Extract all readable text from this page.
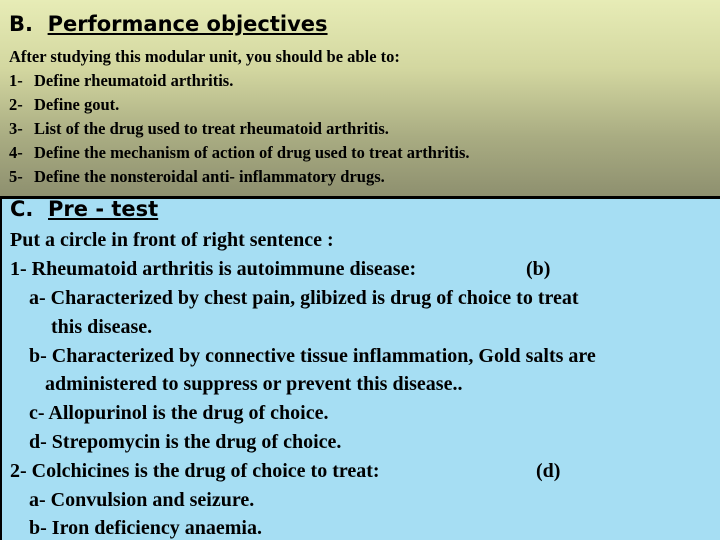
B. Performance objectives

After studying this modular unit, you should be able to:

1- Define rheumatoid arthritis.

2- Define gout.

3- List of the drug used to treat rheumatoid arthritis.

4- Define the mechanism of action of drug used to treat arthritis.

5- Define the nonsteroidal anti- inflammatory drugs.

C. Pre - test

Put a circle in front of right sentence :

1- Rheumatoid arthritis is autoimmune disease:	(b)

a- Characterized by chest pain, glibized is drug of choice to treat

this disease.

b- Characterized by connective tissue inflammation, Gold salts are

administered to suppress or prevent this disease..

c- Allopurinol is the drug of choice.

d- Strepomycin is the drug of choice.

2- Colchicines is the drug of choice to treat:	(d)

a- Convulsion and seizure.

b- Iron deficiency anaemia.
